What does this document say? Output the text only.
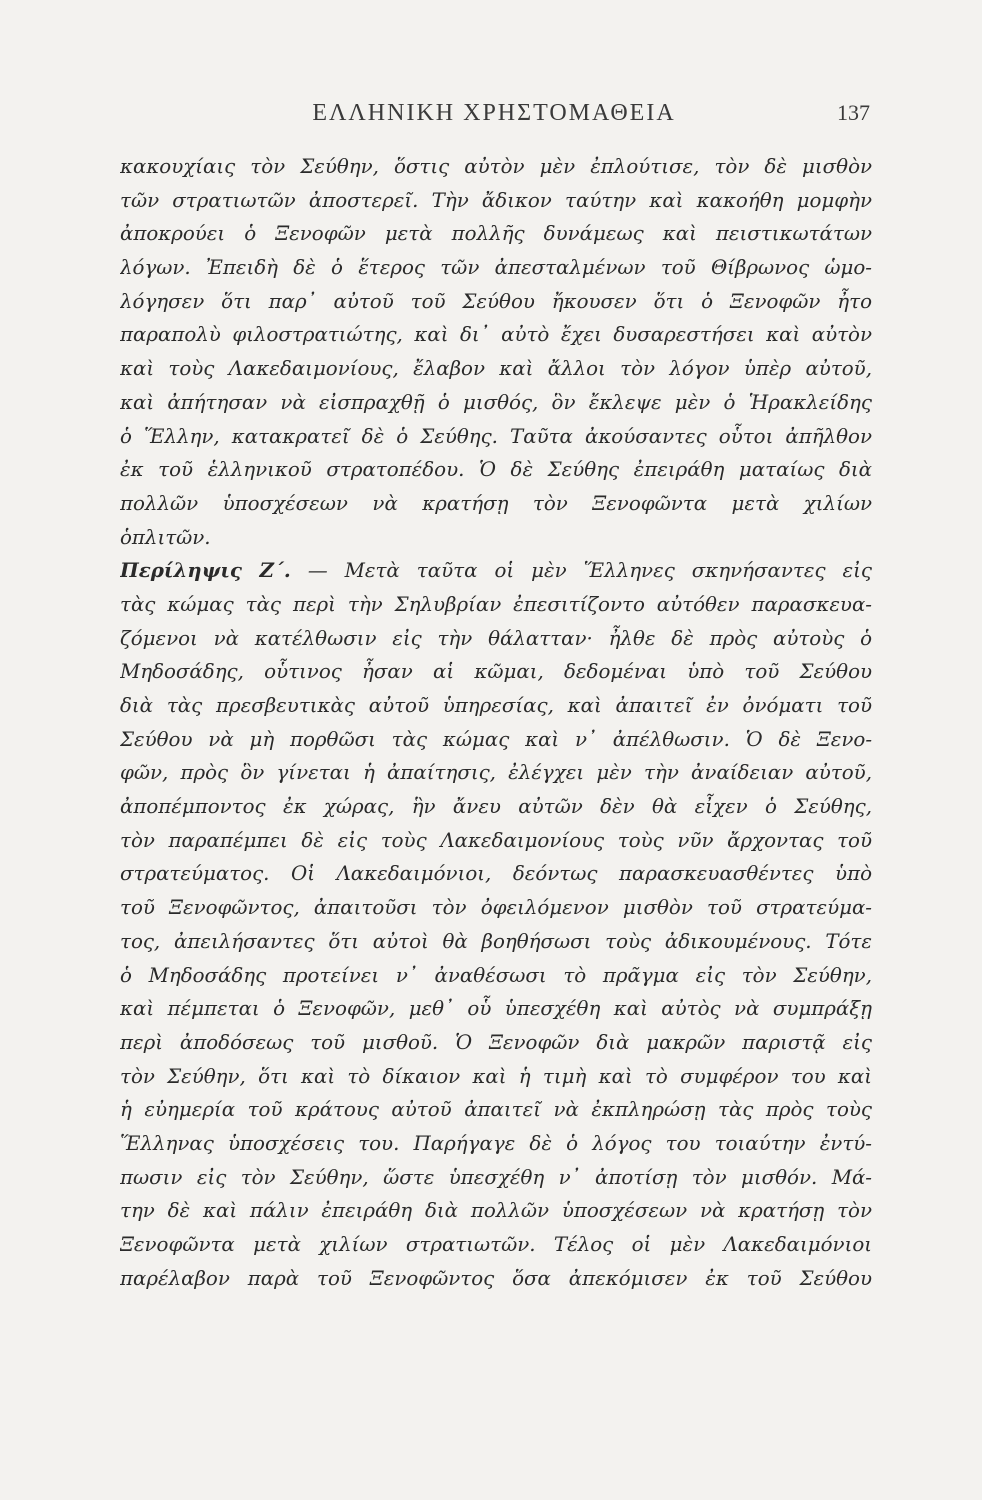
ΕΛΛΗΝΙΚΗ ΧΡΗΣΤΟΜΑΘΕΙΑ	137
κακουχίαις τὸν Σεύθην, ὅστις αὐτὸν μὲν ἐπλούτισε, τὸν δὲ μισθὸν
τῶν στρατιωτῶν ἀποστερεῖ. Τὴν ἄδικον ταύτην καὶ κακοήθη μομφὴν
ἀποκρούει ὁ Ξενοφῶν μετὰ πολλῆς δυνάμεως καὶ πειστικωτάτων
λόγων. Ἐπειδὴ δὲ ὁ ἕτερος τῶν ἀπεσταλμένων τοῦ Θίβρωνος ὡμο-
λόγησεν ὅτι παρ᾽ αὐτοῦ τοῦ Σεύθου ἤκουσεν ὅτι ὁ Ξενοφῶν ἦτο
παραπολὺ φιλοστρατιώτης, καὶ δι᾽ αὐτὸ ἔχει δυσαρεστήσει καὶ αὐτὸν
καὶ τοὺς Λακεδαιμονίους, ἔλαβον καὶ ἄλλοι τὸν λόγον ὑπὲρ αὐτοῦ,
καὶ ἀπήτησαν νὰ εἰσπραχθῇ ὁ μισθός, ὃν ἔκλεψε μὲν ὁ Ἡρακλείδης
ὁ Ἕλλην, κατακρατεῖ δὲ ὁ Σεύθης. Ταῦτα ἀκούσαντες οὗτοι ἀπῆλθον
ἐκ τοῦ ἑλληνικοῦ στρατοπέδου. Ὁ δὲ Σεύθης ἐπειράθη ματαίως διὰ
πολλῶν ὑποσχέσεων νὰ κρατήσῃ τὸν Ξενοφῶντα μετὰ χιλίων
ὁπλιτῶν.
Περίληψις Ζ΄. — Μετὰ ταῦτα οἱ μὲν Ἕλληνες σκηνήσαντες εἰς
τὰς κώμας τὰς περὶ τὴν Σηλυβρίαν ἐπεσιτίζοντο αὐτόθεν παρασκευα-
ζόμενοι νὰ κατέλθωσιν εἰς τὴν θάλατταν· ἦλθε δὲ πρὸς αὐτοὺς ὁ
Μηδοσάδης, οὗτινος ἦσαν αἱ κῶμαι, δεδομέναι ὑπὸ τοῦ Σεύθου
διὰ τὰς πρεσβευτικὰς αὐτοῦ ὑπηρεσίας, καὶ ἀπαιτεῖ ἐν ὀνόματι τοῦ
Σεύθου νὰ μὴ πορθῶσι τὰς κώμας καὶ ν᾽ ἀπέλθωσιν. Ὁ δὲ Ξενο-
φῶν, πρὸς ὃν γίνεται ἡ ἀπαίτησις, ἐλέγχει μὲν τὴν ἀναίδειαν αὐτοῦ,
ἀποπέμποντος ἐκ χώρας, ἣν ἄνευ αὐτῶν δὲν θὰ εἶχεν ὁ Σεύθης,
τὸν παραπέμπει δὲ εἰς τοὺς Λακεδαιμονίους τοὺς νῦν ἄρχοντας τοῦ
στρατεύματος. Οἱ Λακεδαιμόνιοι, δεόντως παρασκευασθέντες ὑπὸ
τοῦ Ξενοφῶντος, ἀπαιτοῦσι τὸν ὀφειλόμενον μισθὸν τοῦ στρατεύμα-
τος, ἀπειλήσαντες ὅτι αὐτοὶ θὰ βοηθήσωσι τοὺς ἀδικουμένους. Τότε
ὁ Μηδοσάδης προτείνει ν᾽ ἀναθέσωσι τὸ πρᾶγμα εἰς τὸν Σεύθην,
καὶ πέμπεται ὁ Ξενοφῶν, μεθ᾽ οὗ ὑπεσχέθη καὶ αὐτὸς νὰ συμπράξῃ
περὶ ἀποδόσεως τοῦ μισθοῦ. Ὁ Ξενοφῶν διὰ μακρῶν παριστᾷ εἰς
τὸν Σεύθην, ὅτι καὶ τὸ δίκαιον καὶ ἡ τιμὴ καὶ τὸ συμφέρον του καὶ
ἡ εὐημερία τοῦ κράτους αὐτοῦ ἀπαιτεῖ νὰ ἐκπληρώσῃ τὰς πρὸς τοὺς
Ἕλληνας ὑποσχέσεις του. Παρήγαγε δὲ ὁ λόγος του τοιαύτην ἐντύ-
πωσιν εἰς τὸν Σεύθην, ὥστε ὑπεσχέθη ν᾽ ἀποτίσῃ τὸν μισθόν. Μά-
την δὲ καὶ πάλιν ἐπειράθη διὰ πολλῶν ὑποσχέσεων νὰ κρατήσῃ τὸν
Ξενοφῶντα μετὰ χιλίων στρατιωτῶν. Τέλος οἱ μὲν Λακεδαιμόνιοι
παρέλαβον παρὰ τοῦ Ξενοφῶντος ὅσα ἀπεκόμισεν ἐκ τοῦ Σεύθου
